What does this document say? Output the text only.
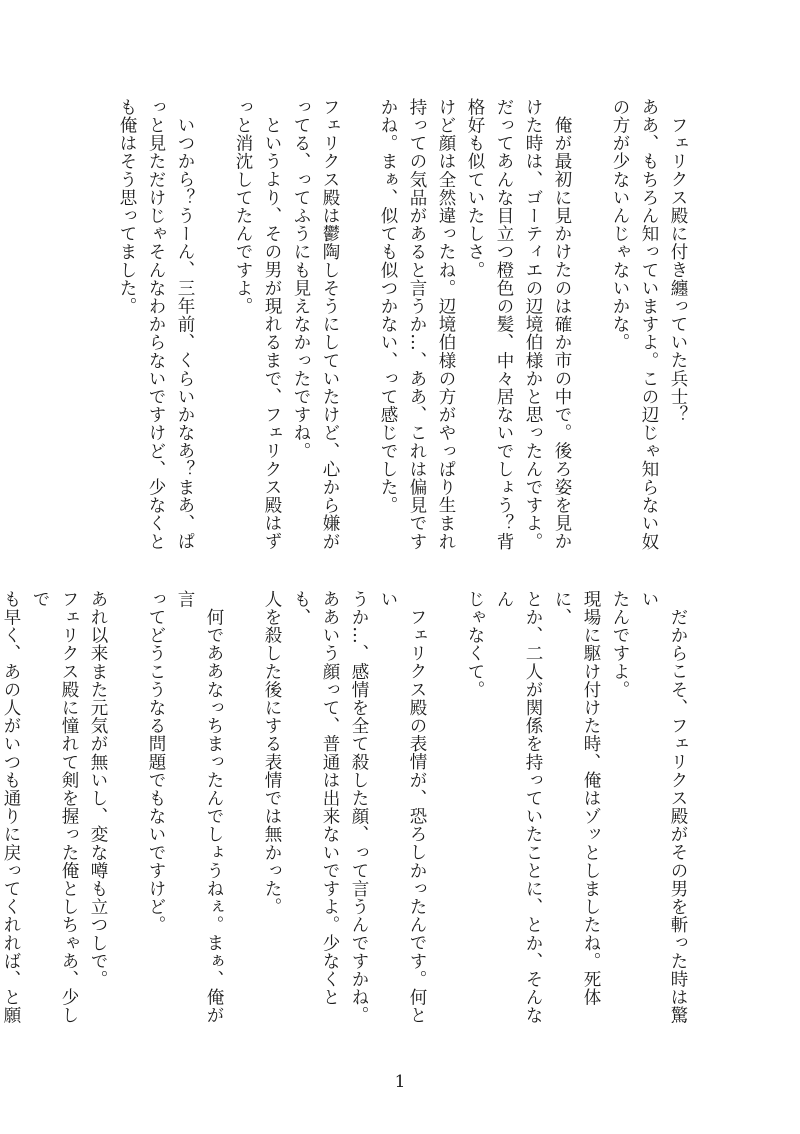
フェリクス殿に付き纏っていた兵士？
ああ、もちろん知っていますよ。この辺じゃ知らない奴
の方が少ないんじゃないかな。

俺が最初に見かけたのは確か市の中で。後ろ姿を見か
けた時は、ゴーティエの辺境伯様かと思ったんですよ。
だってあんな目立つ橙色の髪、中々居ないでしょう？背
格好も似ていたしさ。

けど顔は全然違ったね。辺境伯様の方がやっぱり生まれ
持っての気品があると言うか…、ああ、これは偏見です
かね。まぁ、似ても似つかない、って感じでした。

フェリクス殿は鬱陶しそうにしていたけど、心から嫌が
ってる、ってふうにも見えなかったですね。

というより、その男が現れるまで、フェリクス殿はず
っと消沈してたんですよ。

いつから？うーん、三年前、くらいかなあ？まあ、ぱ
っと見ただけじゃそんなわからないですけど、少なくと
も俺はそう思ってました。

だからこそ、フェリクス殿がその男を斬った時は驚い
たんですよ。
現場に駆け付けた時、俺はゾッとしましたね。死体に、
とか、二人が関係を持っていたことに、とか、そんなん
じゃなくて。

フェリクス殿の表情が、恐ろしかったんです。何とい
うか…、感情を全て殺した顔、って言うんですかね。
ああいう顔って、普通は出来ないですよ。少なくとも、
人を殺した後にする表情では無かった。

何でああなっちまったんでしょうねぇ。まぁ、俺が言
ってどうこうなる問題でもないですけど。

あれ以来また元気が無いし、変な噂も立つしで。
フェリクス殿に憧れて剣を握った俺としちゃあ、少しで
も早く、あの人がいつも通りに戻ってくれれば、と願

1
